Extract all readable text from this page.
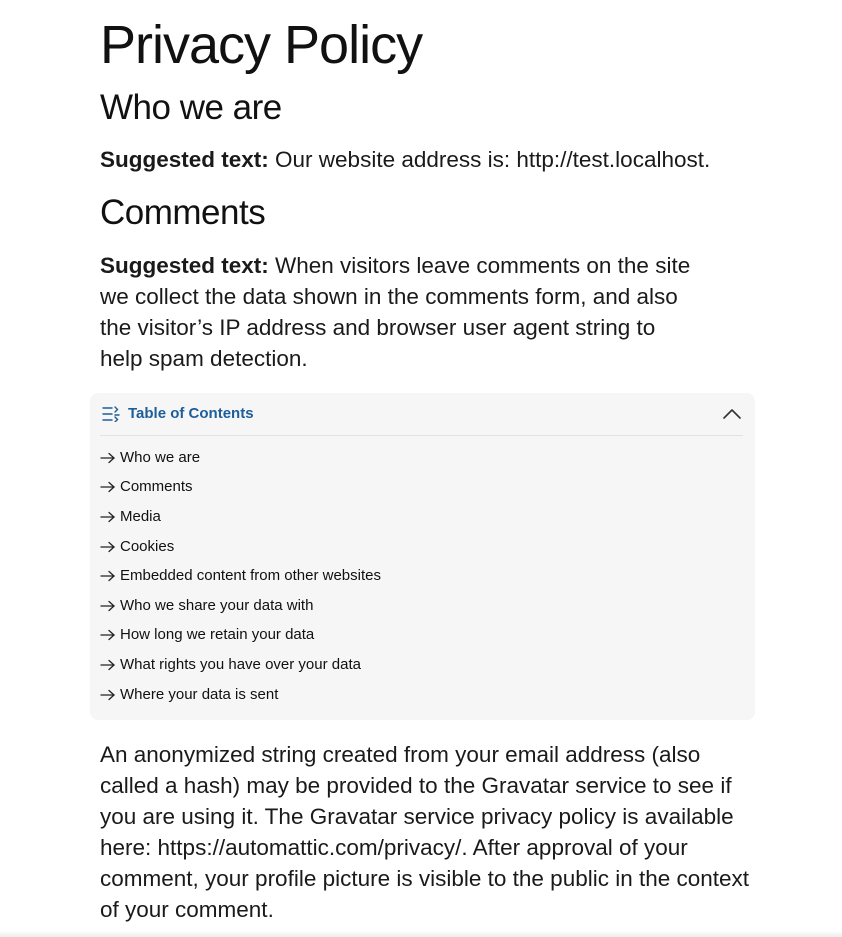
Privacy Policy
Who we are

Suggested text: Our website address is: http://test.localhost.

Comments

Suggested text: When visitors leave comments on the site we collect the data shown in the comments form, and also the visitor’s IP address and browser user agent string to help spam detection.

Table of Contents
Who we are
Comments
Media
Cookies
Embedded content from other websites
Who we share your data with
How long we retain your data
What rights you have over your data
Where your data is sent

An anonymized string created from your email address (also called a hash) may be provided to the Gravatar service to see if you are using it. The Gravatar service privacy policy is available here: https://automattic.com/privacy/. After approval of your comment, your profile picture is visible to the public in the context of your comment.
